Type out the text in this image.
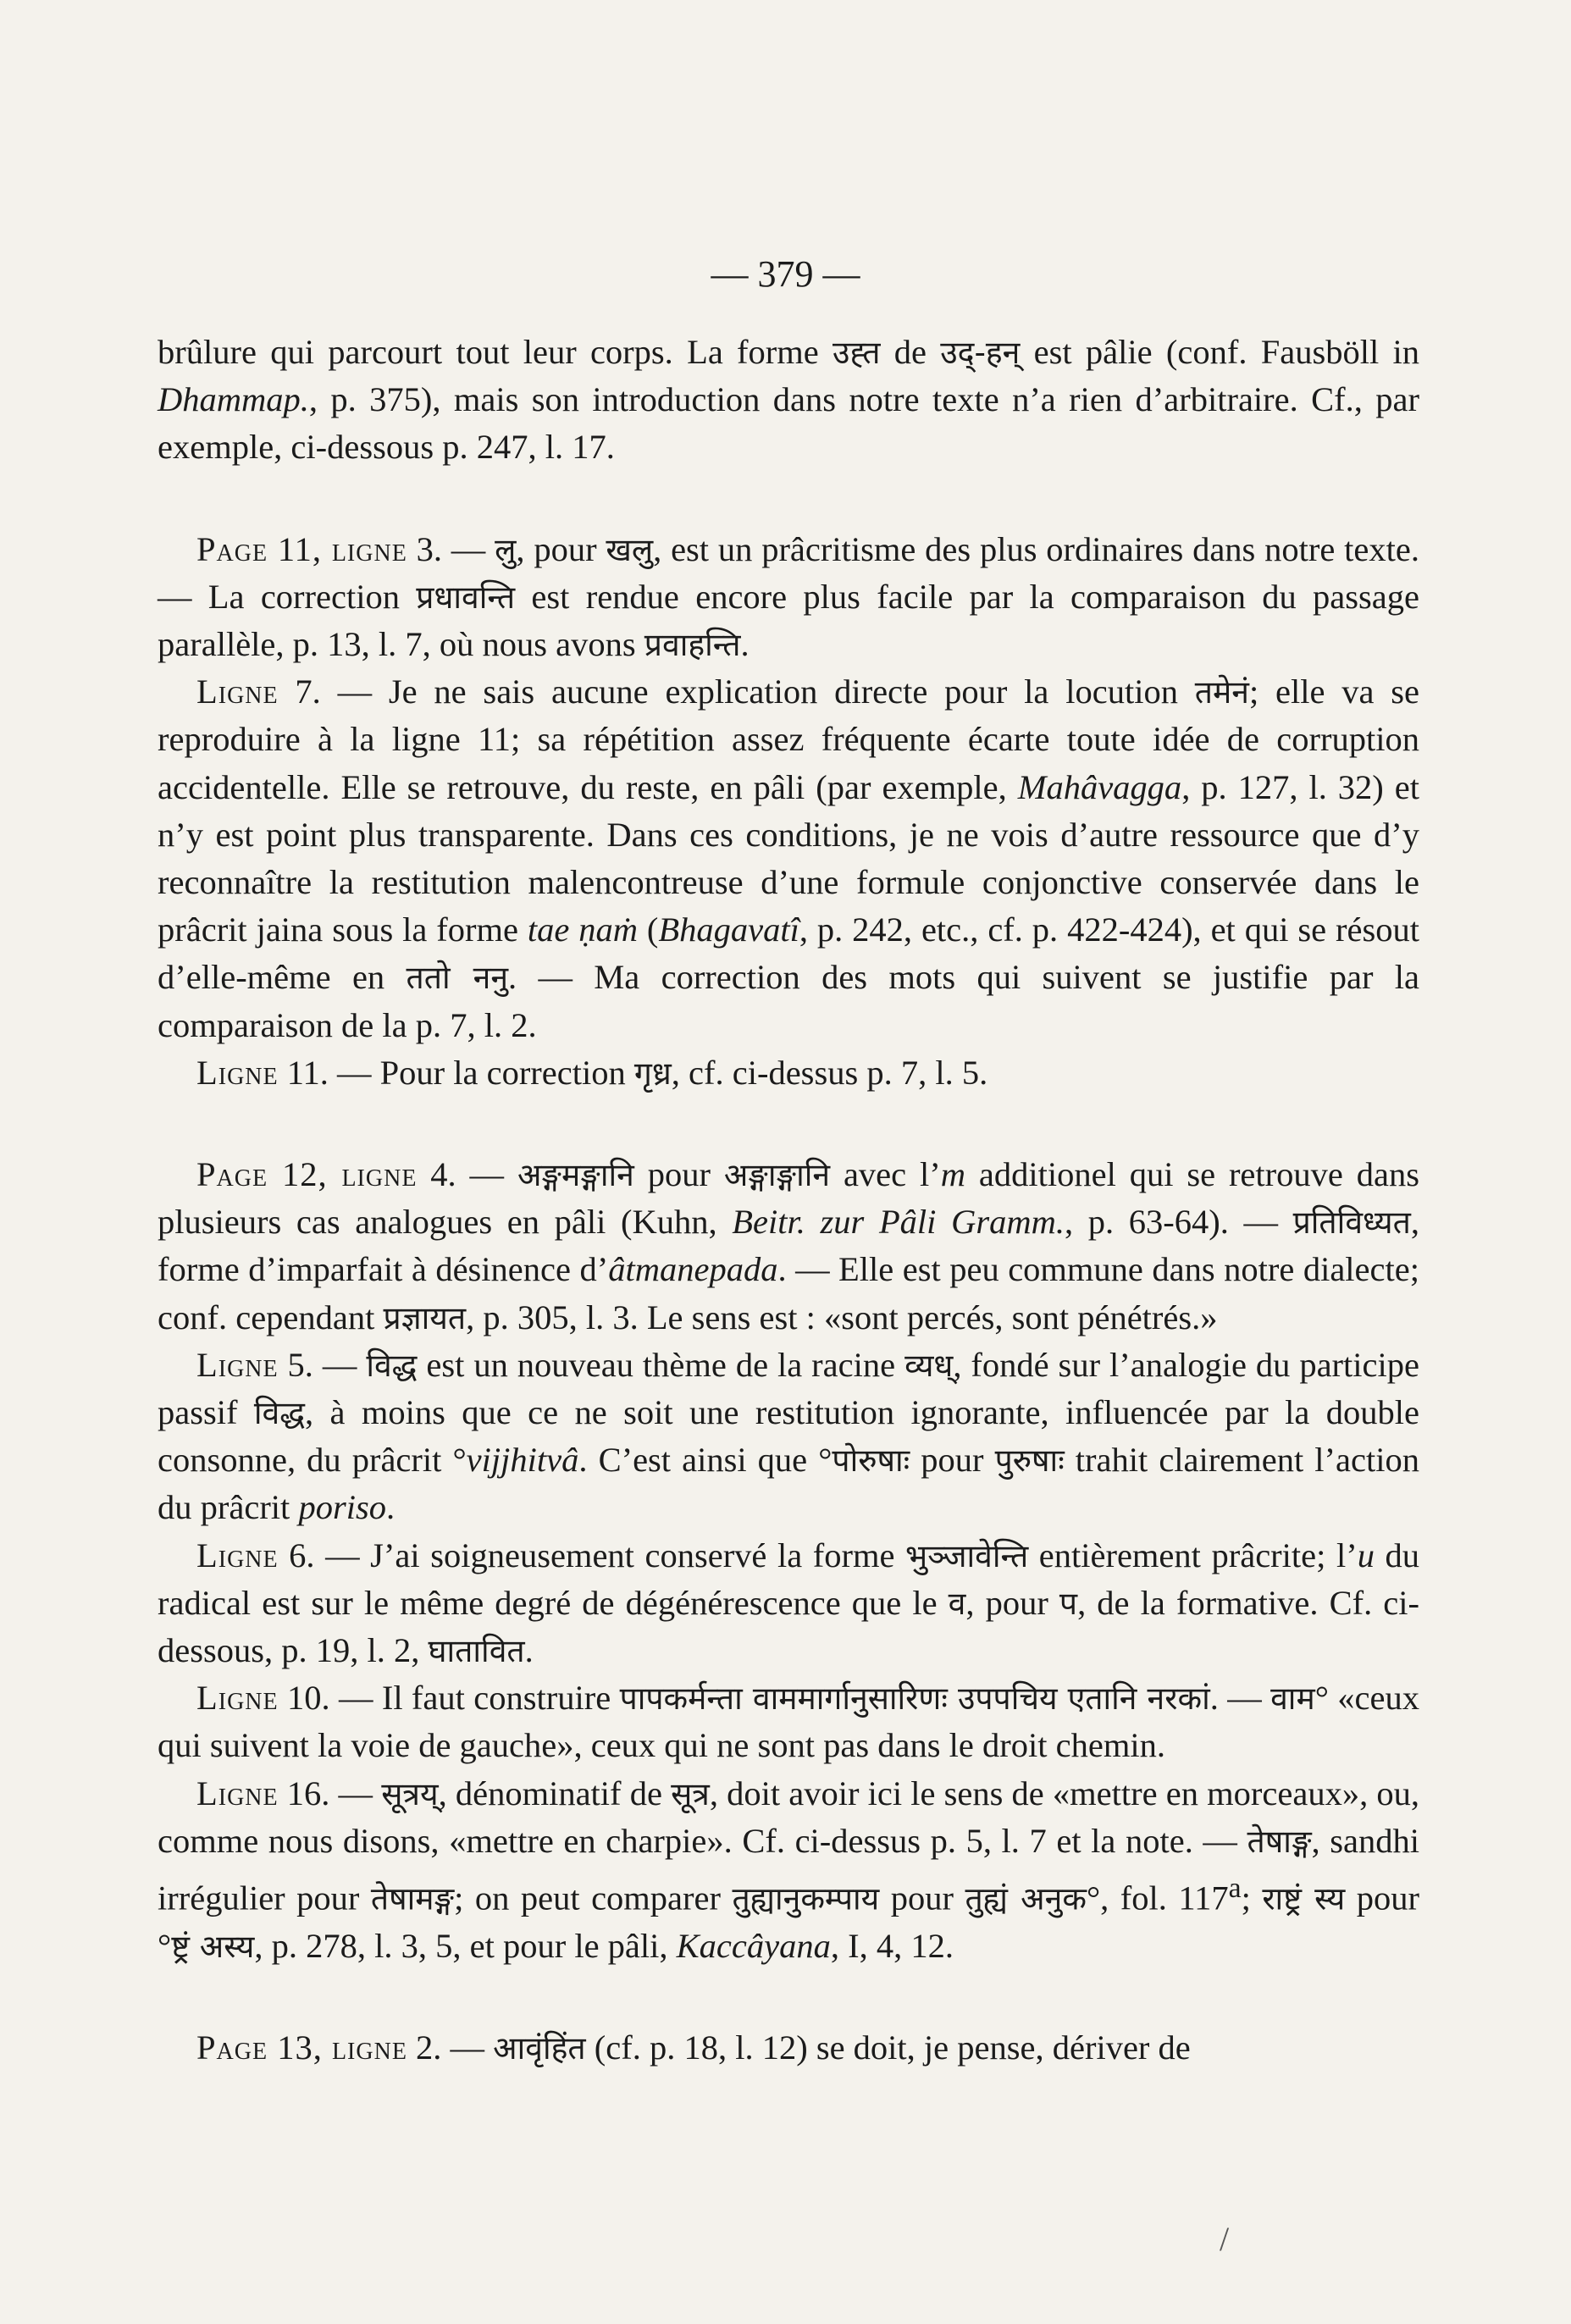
— 379 —

brûlure qui parcourt tout leur corps. La forme उह्त de उद्-हन् est pâlie (conf. Fausböll in Dhammap., p. 375), mais son introduction dans notre texte n’a rien d’arbitraire. Cf., par exemple, ci-dessous p. 247, l. 17.

Page 11, ligne 3. — लु, pour खलु, est un prâcritisme des plus ordinaires dans notre texte. — La correction प्रधावन्ति est rendue encore plus facile par la comparaison du passage parallèle, p. 13, l. 7, où nous avons प्रवाहन्ति.

Ligne 7. — Je ne sais aucune explication directe pour la locution तमेनं; elle va se reproduire à la ligne 11; sa répétition assez fréquente écarte toute idée de corruption accidentelle. Elle se retrouve, du reste, en pâli (par exemple, Mahâvagga, p. 127, l. 32) et n’y est point plus transparente. Dans ces conditions, je ne vois d’autre ressource que d’y reconnaître la restitution malencontreuse d’une formule conjonctive conservée dans le prâcrit jaina sous la forme tae ṇaṁ (Bhagavatî, p. 242, etc., cf. p. 422-424), et qui se résout d’elle-même en ततो ननु. — Ma correction des mots qui suivent se justifie par la comparaison de la p. 7, l. 2.

Ligne 11. — Pour la correction गृध्र, cf. ci-dessus p. 7, l. 5.

Page 12, ligne 4. — अङ्गमङ्गानि pour अङ्गाङ्गानि avec l’m additionel qui se retrouve dans plusieurs cas analogues en pâli (Kuhn, Beitr. zur Pâli Gramm., p. 63-64). — प्रतिविध्यत, forme d’imparfait à désinence d’âtmanepada. — Elle est peu commune dans notre dialecte; conf. cependant प्रज्ञायत, p. 305, l. 3. Le sens est : «sont percés, sont pénétrés.»

Ligne 5. — विद्ध est un nouveau thème de la racine व्यध्, fondé sur l’analogie du participe passif विद्ध, à moins que ce ne soit une restitution ignorante, influencée par la double consonne, du prâcrit °vijjhitvâ. C’est ainsi que °पोरुषाः pour पुरुषाः trahit clairement l’action du prâcrit poriso.

Ligne 6. — J’ai soigneusement conservé la forme भुञ्जावेन्ति entièrement prâcrite; l’u du radical est sur le même degré de dégénérescence que le व, pour प, de la formative. Cf. ci-dessous, p. 19, l. 2, घातावित.

Ligne 10. — Il faut construire पापकर्मन्ता वाममार्गानुसारिणः उपपचिय एतानि नरकां. — वाम° «ceux qui suivent la voie de gauche», ceux qui ne sont pas dans le droit chemin.

Ligne 16. — सूत्रय्, dénominatif de सूत्र, doit avoir ici le sens de «mettre en morceaux», ou, comme nous disons, «mettre en charpie». Cf. ci-dessus p. 5, l. 7 et la note. — तेषाङ्ग, sandhi irrégulier pour तेषामङ्ग; on peut comparer तुह्यानुकम्पाय pour तुह्यं अनुक°, fol. 117$^a$; राष्ट्रं स्य pour °ष्ट्रं अस्य, p. 278, l. 3, 5, et pour le pâli, Kaccâyana, I, 4, 12.

Page 13, ligne 2. — आवृंहिंत (cf. p. 18, l. 12) se doit, je pense, dériver de

/
